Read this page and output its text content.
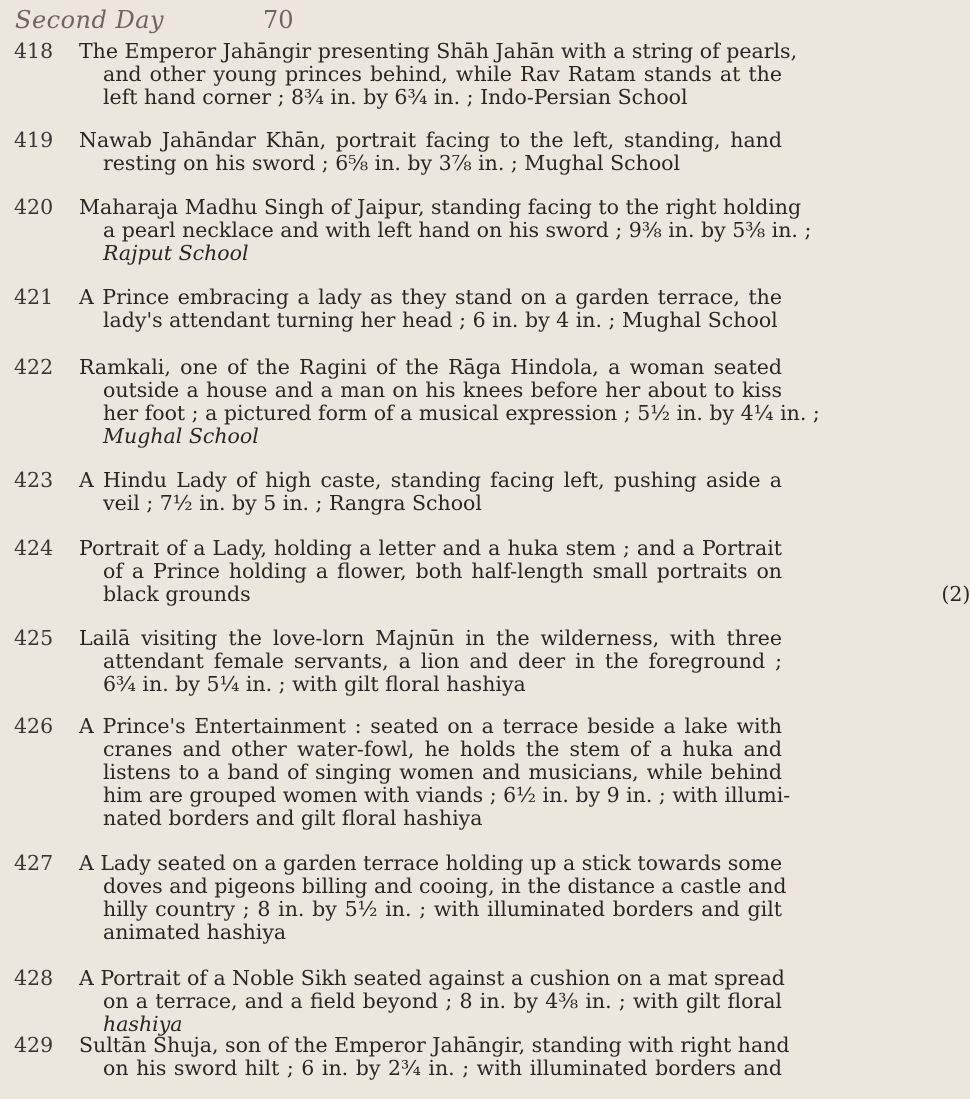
Second Day	70
418 The Emperor Jahāngir presenting Shāh Jahān with a string of pearls,
and other young princes behind, while Rav Ratam stands at the
left hand corner ; 8¾ in. by 6¾ in. ; Indo-Persian School
419 Nawab Jahāndar Khān, portrait facing to the left, standing, hand
resting on his sword ; 6⅝ in. by 3⅞ in. ; Mughal School
420 Maharaja Madhu Singh of Jaipur, standing facing to the right holding
a pearl necklace and with left hand on his sword ; 9⅜ in. by 5⅜ in. ;
Rajput School
421 A Prince embracing a lady as they stand on a garden terrace, the
lady's attendant turning her head ; 6 in. by 4 in. ; Mughal School
422 Ramkali, one of the Ragini of the Rāga Hindola, a woman seated
outside a house and a man on his knees before her about to kiss
her foot ; a pictured form of a musical expression ; 5½ in. by 4¼ in. ;
Mughal School
423 A Hindu Lady of high caste, standing facing left, pushing aside a
veil ; 7½ in. by 5 in. ; Rangra School
424 Portrait of a Lady, holding a letter and a huka stem ; and a Portrait
of a Prince holding a flower, both half-length small portraits on
black grounds                                                                                                          (2)
425 Lailā visiting the love-lorn Majnūn in the wilderness, with three
attendant female servants, a lion and deer in the foreground ;
6¾ in. by 5¼ in. ; with gilt floral hashiya
426 A Prince's Entertainment : seated on a terrace beside a lake with
cranes and other water-fowl, he holds the stem of a huka and
listens to a band of singing women and musicians, while behind
him are grouped women with viands ; 6½ in. by 9 in. ; with illumi-
nated borders and gilt floral hashiya
427 A Lady seated on a garden terrace holding up a stick towards some
doves and pigeons billing and cooing, in the distance a castle and
hilly country ; 8 in. by 5½ in. ; with illuminated borders and gilt
animated hashiya
428 A Portrait of a Noble Sikh seated against a cushion on a mat spread
on a terrace, and a field beyond ; 8 in. by 4⅜ in. ; with gilt floral
hashiya
429 Sultān Shuja, son of the Emperor Jahāngir, standing with right hand
on his sword hilt ; 6 in. by 2¾ in. ; with illuminated borders and
